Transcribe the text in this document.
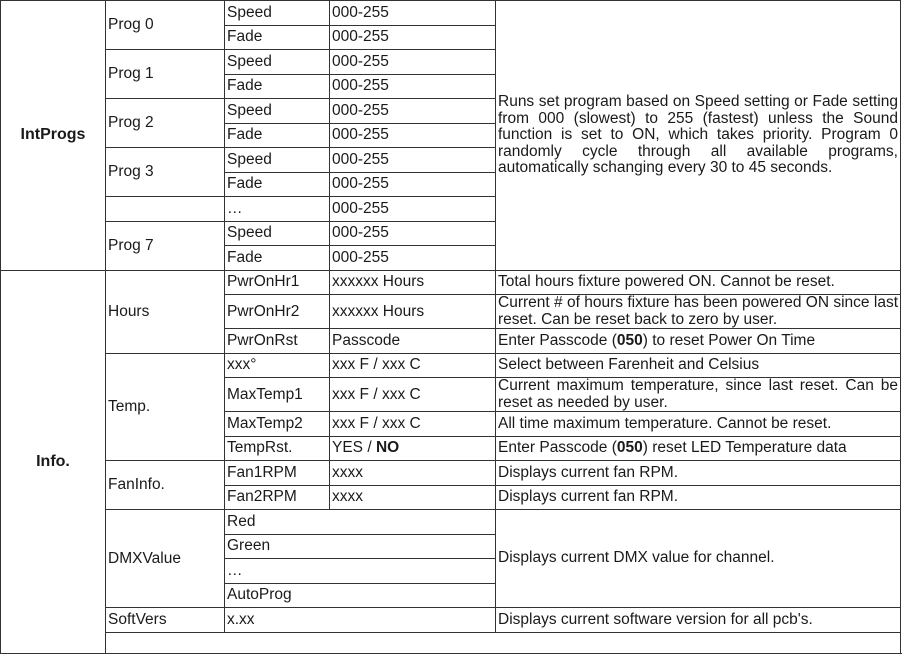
IntProgs	Prog 0	Speed	000-255	Runs set program based on Speed setting or Fade setting from 000 (slowest) to 255 (fastest) unless the Sound function is set to ON, which takes priority. Program 0 randomly cycle through all available programs, automatically schanging every 30 to 45 seconds.
		Fade	000-255	
	Prog 1	Speed	000-255	
		Fade	000-255	
	Prog 2	Speed	000-255	
		Fade	000-255	
	Prog 3	Speed	000-255	
		Fade	000-255	
		…	000-255	
	Prog 7	Speed	000-255	
		Fade	000-255	
Info.	Hours	PwrOnHr1	xxxxxx Hours	Total hours fixture powered ON. Cannot be reset.
		PwrOnHr2	xxxxxx Hours	Current # of hours fixture has been powered ON since last reset. Can be reset back to zero by user.
		PwrOnRst	Passcode	Enter Passcode (050) to reset Power On Time
	Temp.	xxx°	xxx F / xxx C	Select between Farenheit and Celsius
		MaxTemp1	xxx F / xxx C	Current maximum temperature, since last reset. Can be reset as needed by user.
		MaxTemp2	xxx F / xxx C	All time maximum temperature. Cannot be reset.
		TempRst.	YES / NO	Enter Passcode (050) reset LED Temperature data
	FanInfo.	Fan1RPM	xxxx	Displays current fan RPM.
		Fan2RPM	xxxx	Displays current fan RPM.
	DMXValue	Red		Displays current DMX value for channel.
		Green		
		…		
		AutoProg		
	SoftVers	x.xx		Displays current software version for all pcb's.
